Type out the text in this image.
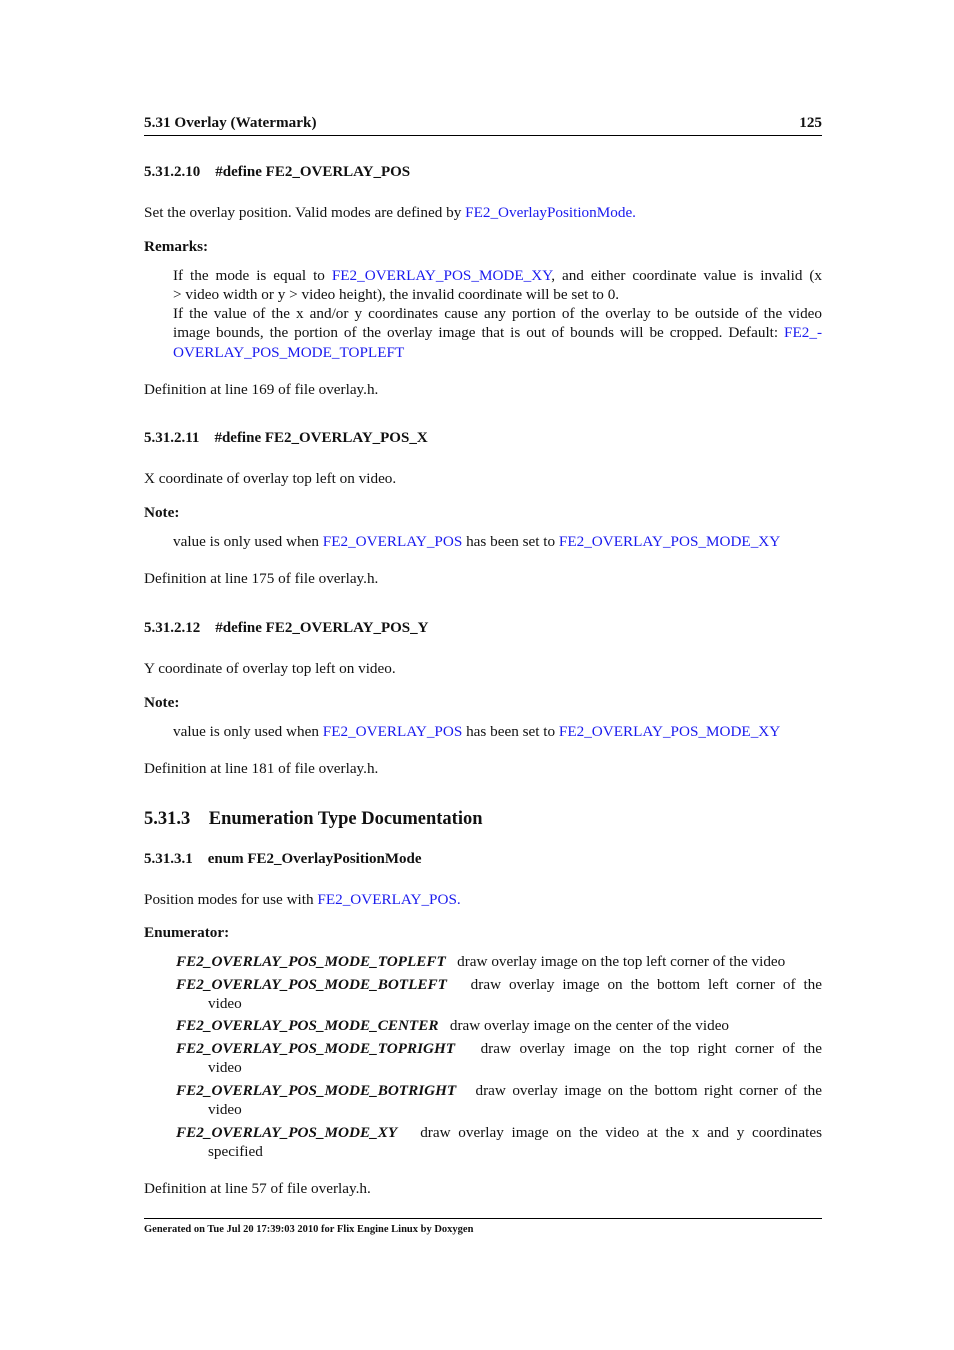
5.31 Overlay (Watermark)	125
5.31.2.10 #define FE2_OVERLAY_POS
Set the overlay position. Valid modes are defined by FE2_OverlayPositionMode.
Remarks:
If the mode is equal to FE2_OVERLAY_POS_MODE_XY, and either coordinate value is invalid (x
> video width or y > video height), the invalid coordinate will be set to 0.
If the value of the x and/or y coordinates cause any portion of the overlay to be outside of the video
image bounds, the portion of the overlay image that is out of bounds will be cropped. Default: FE2_-
OVERLAY_POS_MODE_TOPLEFT
Definition at line 169 of file overlay.h.
5.31.2.11 #define FE2_OVERLAY_POS_X
X coordinate of overlay top left on video.
Note:
value is only used when FE2_OVERLAY_POS has been set to FE2_OVERLAY_POS_MODE_XY
Definition at line 175 of file overlay.h.
5.31.2.12 #define FE2_OVERLAY_POS_Y
Y coordinate of overlay top left on video.
Note:
value is only used when FE2_OVERLAY_POS has been set to FE2_OVERLAY_POS_MODE_XY
Definition at line 181 of file overlay.h.
5.31.3 Enumeration Type Documentation
5.31.3.1 enum FE2_OverlayPositionMode
Position modes for use with FE2_OVERLAY_POS.
Enumerator:
FE2_OVERLAY_POS_MODE_TOPLEFT draw overlay image on the top left corner of the video
FE2_OVERLAY_POS_MODE_BOTLEFT draw overlay image on the bottom left corner of the
video
FE2_OVERLAY_POS_MODE_CENTER draw overlay image on the center of the video
FE2_OVERLAY_POS_MODE_TOPRIGHT draw overlay image on the top right corner of the
video
FE2_OVERLAY_POS_MODE_BOTRIGHT draw overlay image on the bottom right corner of the
video
FE2_OVERLAY_POS_MODE_XY draw overlay image on the video at the x and y coordinates
specified
Definition at line 57 of file overlay.h.
Generated on Tue Jul 20 17:39:03 2010 for Flix Engine Linux by Doxygen
